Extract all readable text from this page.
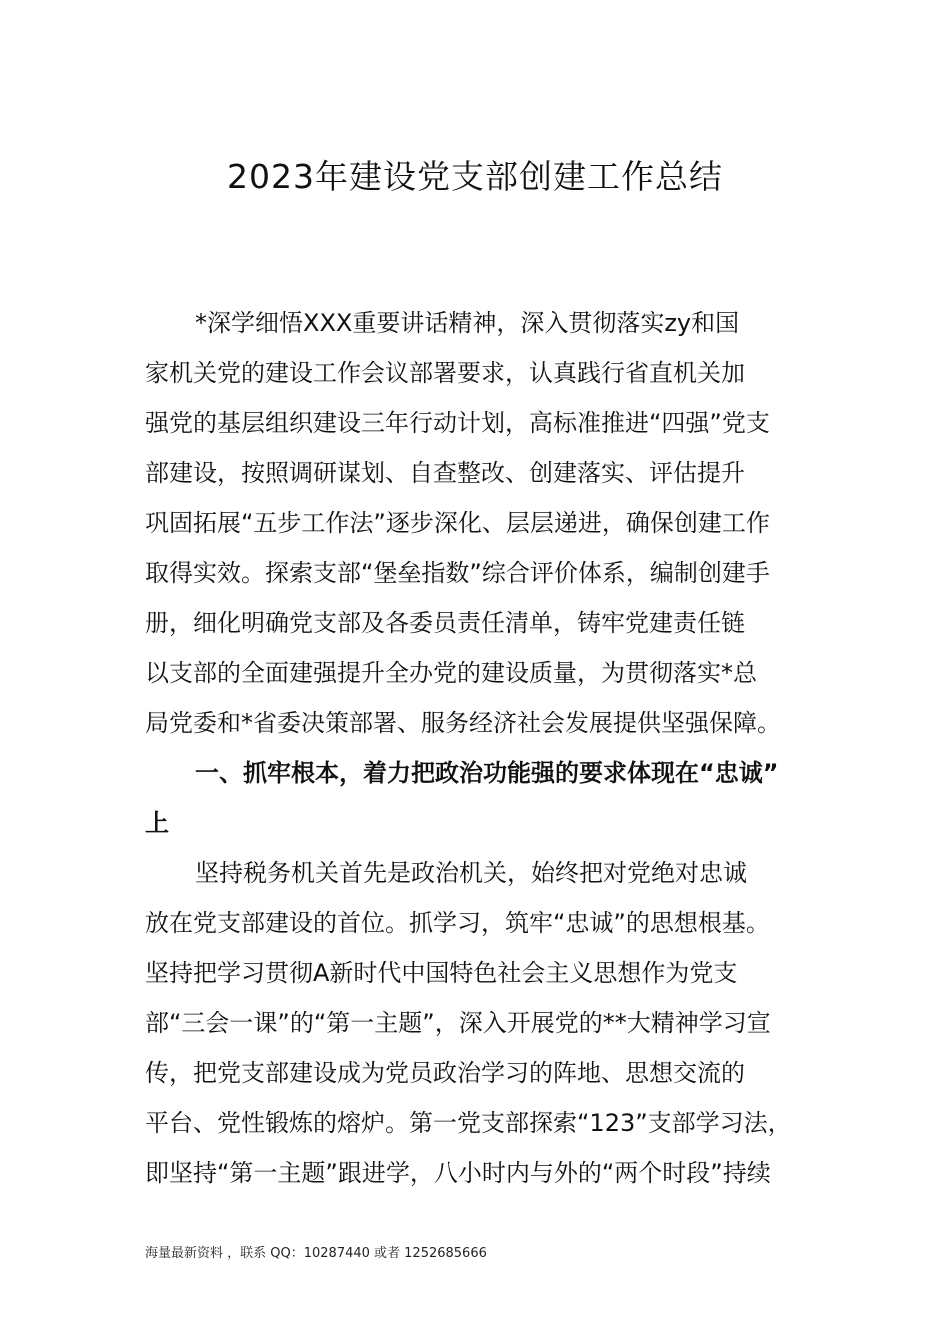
2023年建设党支部创建工作总结
*深学细悟XXX重要讲话精神，深入贯彻落实zy和国
家机关党的建设工作会议部署要求，认真践行省直机关加
强党的基层组织建设三年行动计划，高标准推进“四强”党支
部建设，按照调研谋划、自查整改、创建落实、评估提升
巩固拓展“五步工作法”逐步深化、层层递进，确保创建工作
取得实效。探索支部“堡垒指数”综合评价体系，编制创建手
册，细化明确党支部及各委员责任清单，铸牢党建责任链
以支部的全面建强提升全办党的建设质量，为贯彻落实*总
局党委和*省委决策部署、服务经济社会发展提供坚强保障。
一、抓牢根本，着力把政治功能强的要求体现在“忠诚”
上
坚持税务机关首先是政治机关，始终把对党绝对忠诚
放在党支部建设的首位。抓学习，筑牢“忠诚”的思想根基。
坚持把学习贯彻A新时代中国特色社会主义思想作为党支
部“三会一课”的“第一主题”，深入开展党的**大精神学习宣
传，把党支部建设成为党员政治学习的阵地、思想交流的
平台、党性锻炼的熔炉。第一党支部探索“123”支部学习法，
即坚持“第一主题”跟进学，八小时内与外的“两个时段”持续
海量最新资料 ，联系 QQ：10287440 或者 1252685666
